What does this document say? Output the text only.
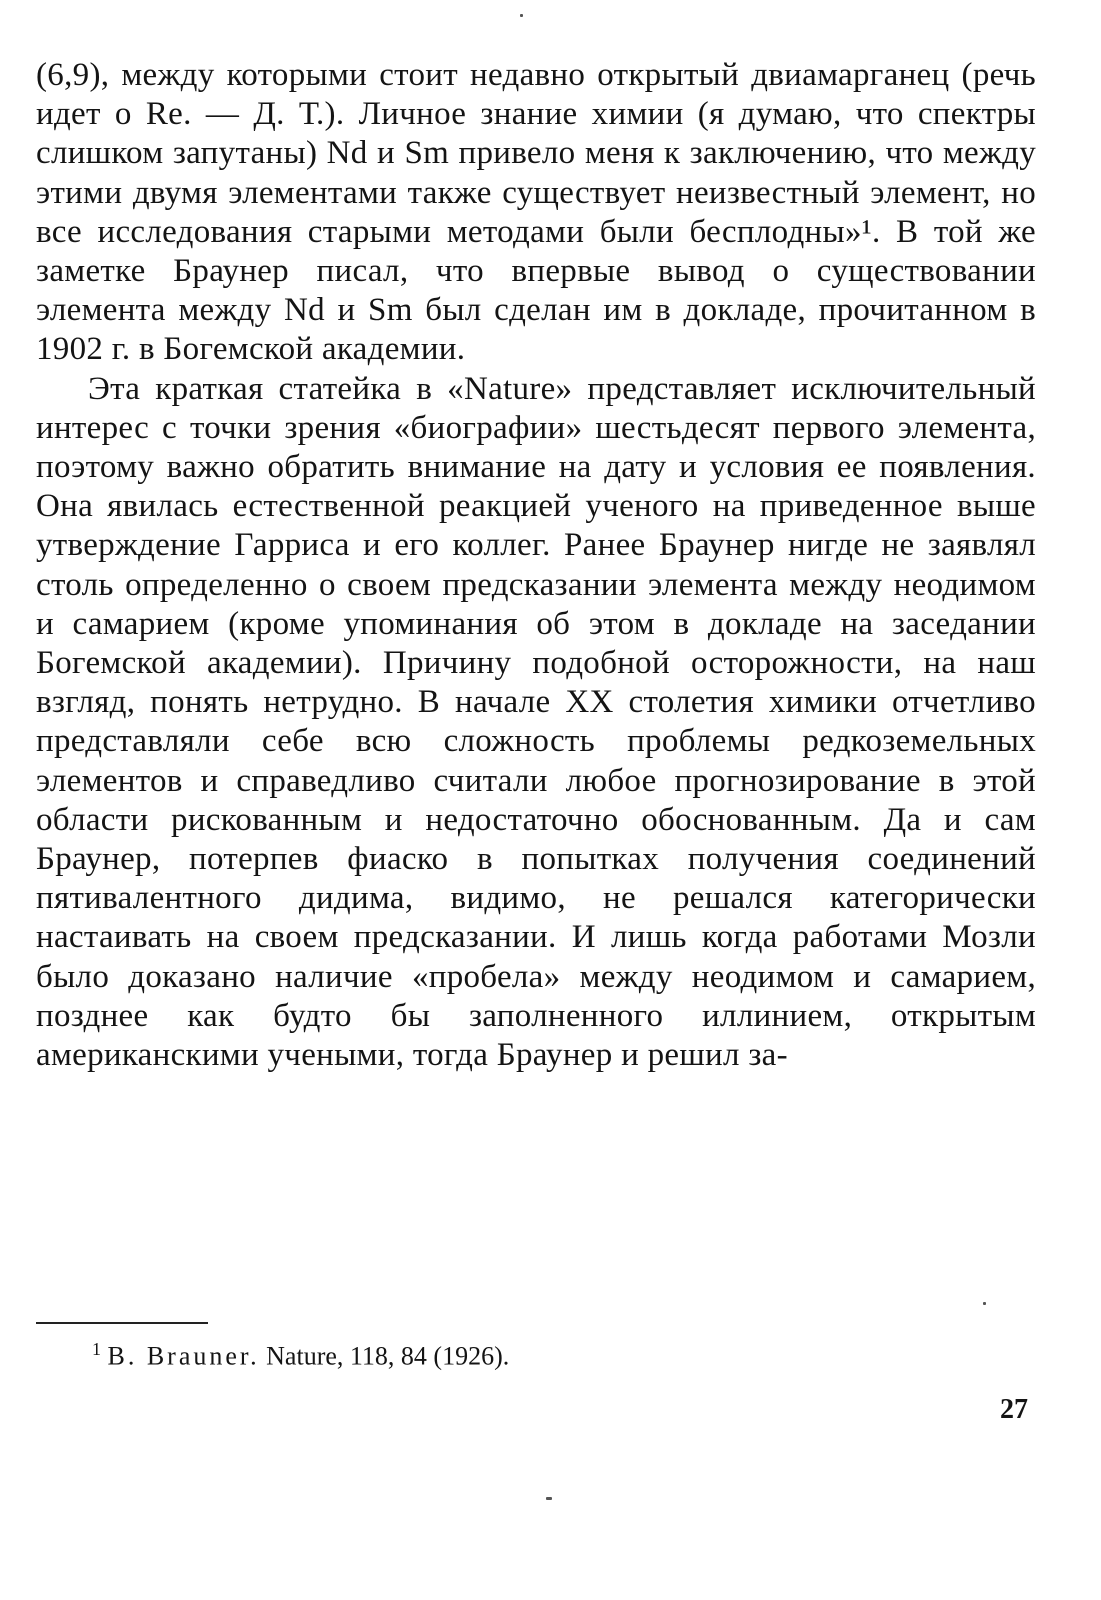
(6,9), между которыми стоит недавно открытый двиамарганец (речь идет о Re. — Д. Т.). Личное знание химии (я думаю, что спектры слишком запутаны) Nd и Sm привело меня к заключению, что между этими двумя элементами также существует неизвестный элемент, но все исследования старыми методами были бесплодны»¹. В той же заметке Браунер писал, что впервые вывод о существовании элемента между Nd и Sm был сделан им в докладе, прочитанном в 1902 г. в Богемской академии.

Эта краткая статейка в «Nature» представляет исключительный интерес с точки зрения «биографии» шестьдесят первого элемента, поэтому важно обратить внимание на дату и условия ее появления. Она явилась естественной реакцией ученого на приведенное выше утверждение Гарриса и его коллег. Ранее Браунер нигде не заявлял столь определенно о своем предсказании элемента между неодимом и самарием (кроме упоминания об этом в докладе на заседании Богемской академии). Причину подобной осторожности, на наш взгляд, понять нетрудно. В начале XX столетия химики отчетливо представляли себе всю сложность проблемы редкоземельных элементов и справедливо считали любое прогнозирование в этой области рискованным и недостаточно обоснованным. Да и сам Браунер, потерпев фиаско в попытках получения соединений пятивалентного дидима, видимо, не решался категорически настаивать на своем предсказании. И лишь когда работами Мозли было доказано наличие «пробела» между неодимом и самарием, позднее как будто бы заполненного иллинием, открытым американскими учеными, тогда Браунер и решил за-

$^1$ B. Brauner. Nature, 118, 84 (1926).
27
